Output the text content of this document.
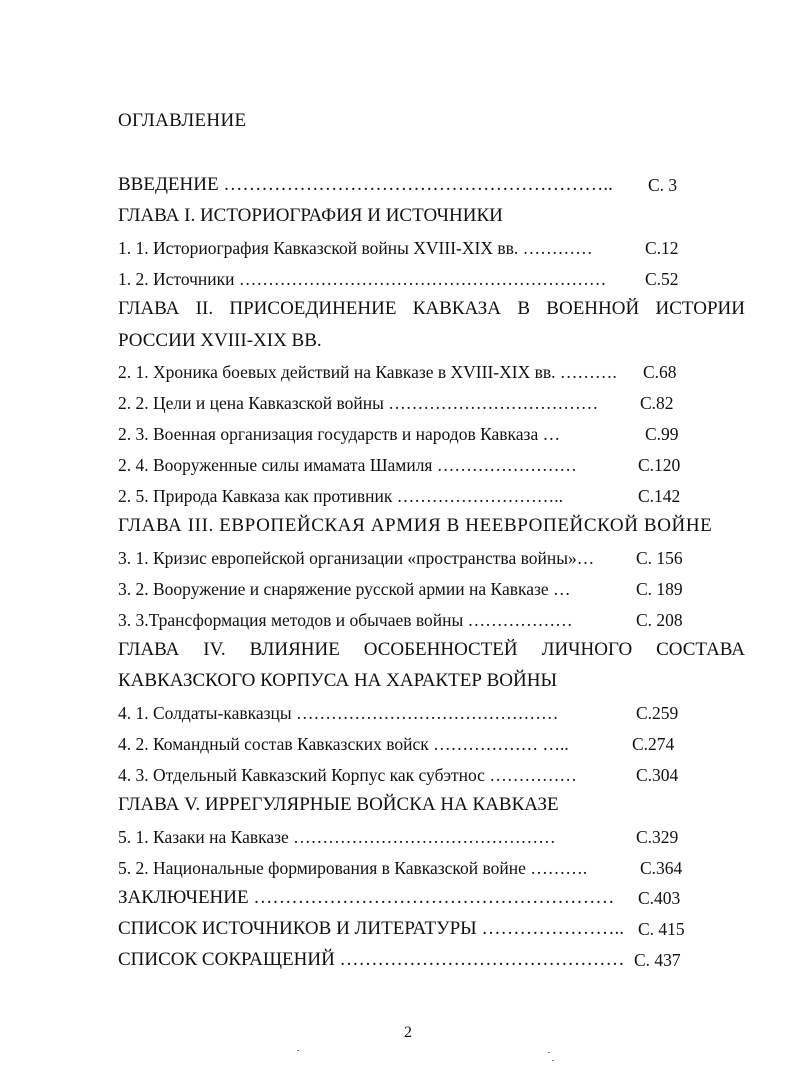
ОГЛАВЛЕНИЕ
ВВЕДЕНИЕ …………………………………………………….. С. 3
ГЛАВА I. ИСТОРИОГРАФИЯ И ИСТОЧНИКИ
1. 1. Историография Кавказской войны XVIII-XIX вв. …………	С.12
1. 2. Источники ……………………………………………………… С.52
ГЛАВА II. ПРИСОЕДИНЕНИЕ КАВКАЗА В ВОЕННОЙ ИСТОРИИ
РОССИИ XVIII-XIX ВВ.
2. 1. Хроника боевых действий на Кавказе в XVIII-XIX вв. ………. С.68
2. 2. Цели и цена Кавказской войны ……………………………… С.82
2. 3. Военная организация государств и народов Кавказа …	С.99
2. 4. Вооруженные силы имамата Шамиля ……………………	С.120
2. 5. Природа Кавказа как противник ………………………..	С.142
ГЛАВА III. ЕВРОПЕЙСКАЯ АРМИЯ В НЕЕВРОПЕЙСКОЙ ВОЙНЕ
3. 1. Кризис европейской организации «пространства войны»… С. 156
3. 2. Вооружение и снаряжение русской армии на Кавказе …	С. 189
3. 3.Трансформация методов и обычаев войны ………………	С. 208
ГЛАВА IV. ВЛИЯНИЕ ОСОБЕННОСТЕЙ ЛИЧНОГО СОСТАВА
КАВКАЗСКОГО КОРПУСА НА ХАРАКТЕР ВОЙНЫ
4. 1. Солдаты-кавказцы ………………………………………	С.259
4. 2. Командный состав Кавказских войск ……………… …..	С.274
4. 3. Отдельный Кавказский Корпус как субэтнос ……………	С.304
ГЛАВА V. ИРРЕГУЛЯРНЫЕ ВОЙСКА НА КАВКАЗЕ
5. 1. Казаки на Кавказе ………………………………………	С.329
5. 2. Национальные формирования в Кавказской войне ……….	С.364
ЗАКЛЮЧЕНИЕ ………………………………………………… С.403
СПИСОК ИСТОЧНИКОВ И ЛИТЕРАТУРЫ ………………….. С. 415
СПИСОК СОКРАЩЕНИЙ ……………………………………… С. 437
2
